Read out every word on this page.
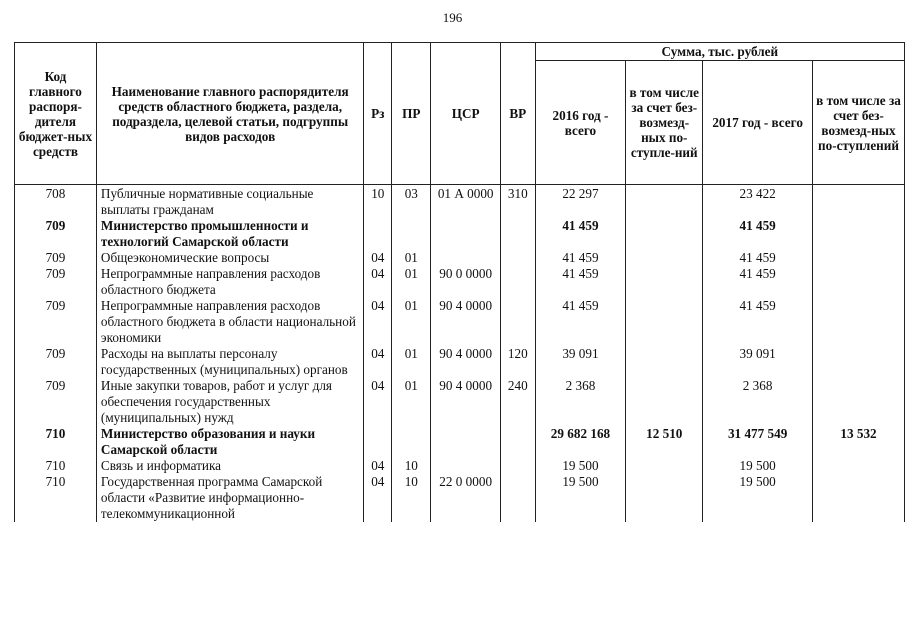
196
Код главного распоря-дителя бюджет-ных средств	Наименование главного распорядителя средств областного бюджета, раздела, подраздела, целевой статьи, подгруппы видов расходов	Рз	ПР	ЦСР	ВР	Сумма, тыс. рублей			
						2016 год - всего	в том числе за счет без-возмезд-ных по-ступле-ний	2017 год - всего	в том числе за счет без-возмезд-ных по-ступлений
708	Публичные нормативные социальные выплаты гражданам	10	03	01 А 0000	310	22 297		23 422	
709	Министерство промышленности и технологий Самарской области					41 459		41 459	
709	Общеэкономические вопросы	04	01			41 459		41 459	
709	Непрограммные направления расходов областного бюджета	04	01	90 0 0000		41 459		41 459	
709	Непрограммные направления расходов областного бюджета в области национальной экономики	04	01	90 4 0000		41 459		41 459	
709	Расходы на выплаты персоналу государственных (муниципальных) органов	04	01	90 4 0000	120	39 091		39 091	
709	Иные закупки товаров, работ и услуг для обеспечения государственных (муниципальных) нужд	04	01	90 4 0000	240	2 368		2 368	
710	Министерство образования и науки Самарской области					29 682 168	12 510	31 477 549	13 532
710	Связь и информатика	04	10			19 500		19 500	
710	Государственная программа Самарской области «Развитие информационно-телекоммуникационной	04	10	22 0 0000		19 500		19 500	
